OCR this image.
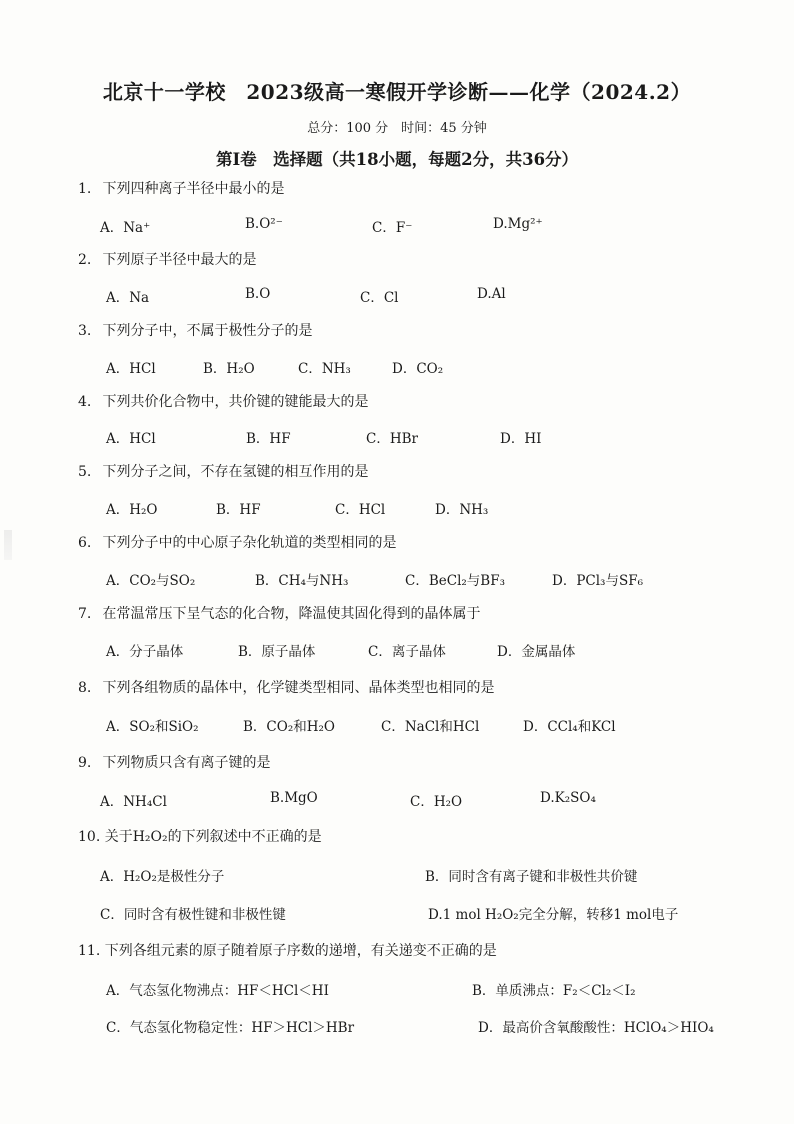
北京十一学校　2023级高一寒假开学诊断——化学（2024.2）
总分：100 分　时间：45 分钟
第Ⅰ卷　选择题（共18小题，每题2分，共36分）
1. 下列四种离子半径中最小的是
A．Na⁺	B.O²⁻	C．F⁻	D.Mg²⁺
2. 下列原子半径中最大的是
A．Na	B.O	C．Cl	D.Al
3. 下列分子中，不属于极性分子的是
A．HCl	B．H₂O	C．NH₃	D．CO₂
4. 下列共价化合物中，共价键的键能最大的是
A．HCl	B．HF	C．HBr	D．HI
5. 下列分子之间，不存在氢键的相互作用的是
A．H₂O	B．HF	C．HCl	D．NH₃
6. 下列分子中的中心原子杂化轨道的类型相同的是
A．CO₂与SO₂	B．CH₄与NH₃	C．BeCl₂与BF₃	D．PCl₃与SF₆
7. 在常温常压下呈气态的化合物，降温使其固化得到的晶体属于
A．分子晶体	B．原子晶体	C．离子晶体	D．金属晶体
8. 下列各组物质的晶体中，化学键类型相同、晶体类型也相同的是
A．SO₂和SiO₂	B．CO₂和H₂O	C．NaCl和HCl	D．CCl₄和KCl
9. 下列物质只含有离子键的是
A．NH₄Cl	B.MgO	C．H₂O	D.K₂SO₄
10. 关于H₂O₂的下列叙述中不正确的是
A．H₂O₂是极性分子	B．同时含有离子键和非极性共价键
C．同时含有极性键和非极性键	D.1 mol H₂O₂完全分解，转移1 mol电子
11. 下列各组元素的原子随着原子序数的递增，有关递变不正确的是
A．气态氢化物沸点：HF＜HCl＜HI	B．单质沸点：F₂＜Cl₂＜I₂
C．气态氢化物稳定性：HF＞HCl＞HBr	D．最高价含氧酸酸性：HClO₄＞HIO₄
